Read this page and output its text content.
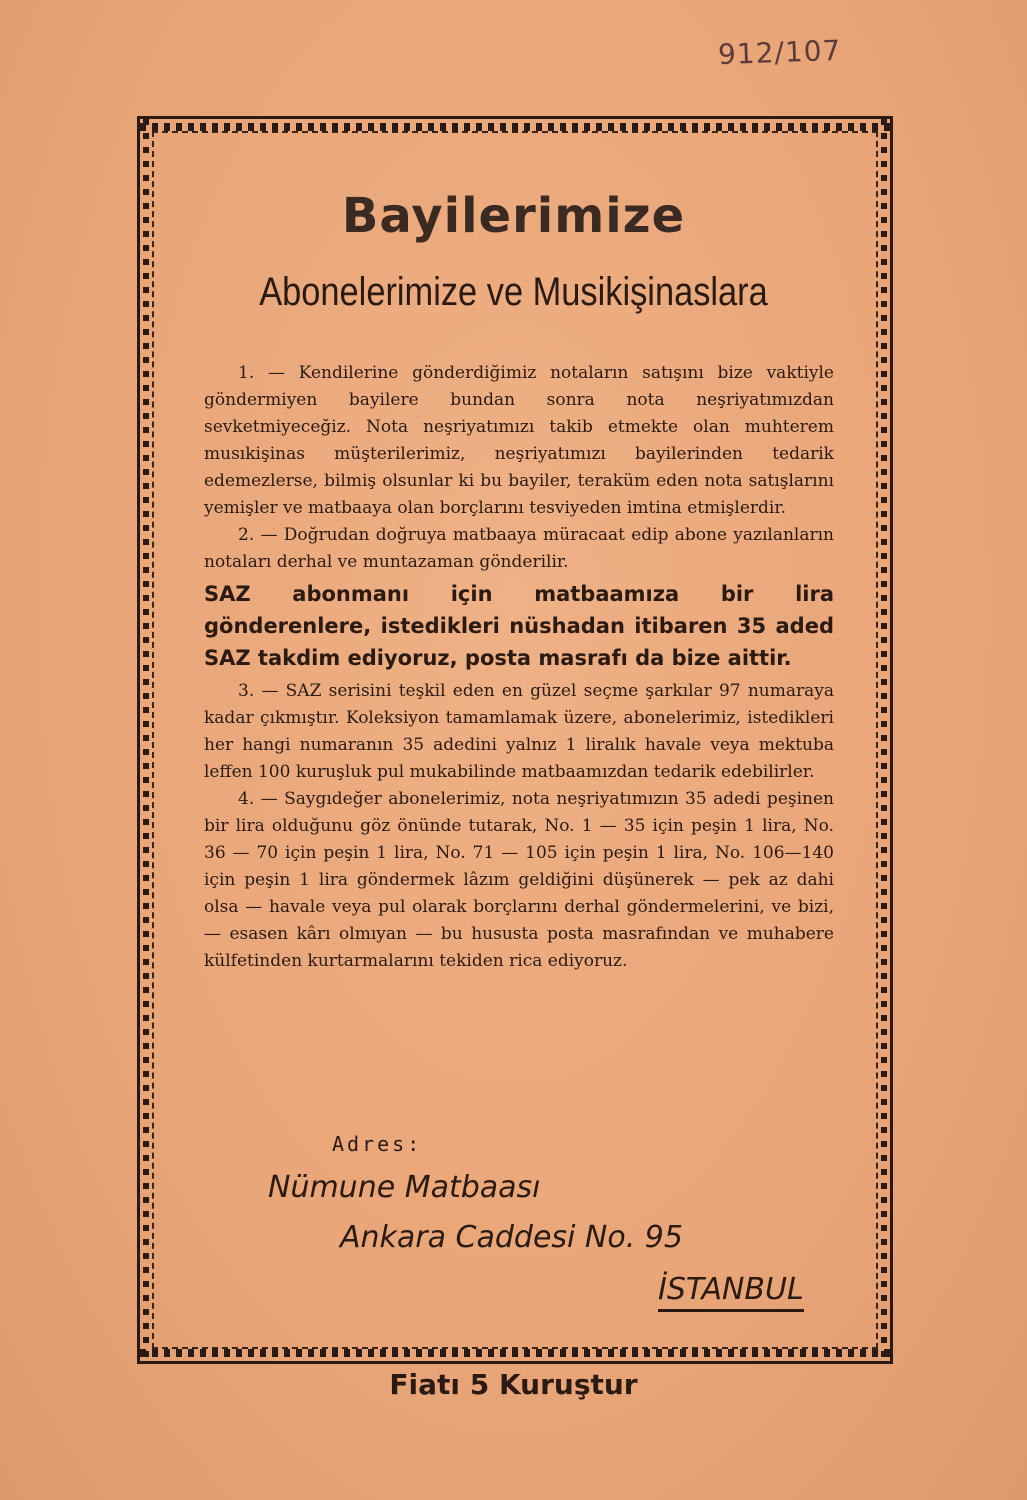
912/107
Bayilerimize
Abonelerimize ve Musikişinaslara

1. — Kendilerine gönderdiğimiz notaların satışını bize vaktiyle göndermiyen bayilere bundan sonra nota neşriyatımızdan sevketmiyeceğiz. Nota neşriyatımızı takib etmekte olan muhterem musıkişinas müşterilerimiz, neşriyatımızı bayilerinden tedarik edemezlerse, bilmiş olsunlar ki bu bayiler, teraküm eden nota satışlarını yemişler ve matbaaya olan borçlarını tesviyeden imtina etmişlerdir.

2. — Doğrudan doğruya matbaaya müracaat edip abone yazılanların notaları derhal ve muntazaman gönderilir.

SAZ abonmanı için matbaamıza bir lira gönderenlere, istedikleri nüshadan itibaren 35 aded SAZ takdim ediyoruz, posta masrafı da bize aittir.

3. — SAZ serisini teşkil eden en güzel seçme şarkılar 97 numaraya kadar çıkmıştır. Koleksiyon tamamlamak üzere, abonelerimiz, istedikleri her hangi numaranın 35 adedini yalnız 1 liralık havale veya mektuba leffen 100 kuruşluk pul mukabilinde matbaamızdan tedarik edebilirler.

4. — Saygıdeğer abonelerimiz, nota neşriyatımızın 35 adedi peşinen bir lira olduğunu göz önünde tutarak, No. 1 — 35 için peşin 1 lira, No. 36 — 70 için peşin 1 lira, No. 71 — 105 için peşin 1 lira, No. 106—140 için peşin 1 lira göndermek lâzım geldiğini düşünerek — pek az dahi olsa — havale veya pul olarak borçlarını derhal göndermelerini, ve bizi, — esasen kârı olmıyan — bu hususta posta masrafından ve muhabere külfetinden kurtarmalarını tekiden rica ediyoruz.

Adres:
Nümune Matbaası
Ankara Caddesi No. 95
İSTANBUL
Fiatı 5 Kuruştur
